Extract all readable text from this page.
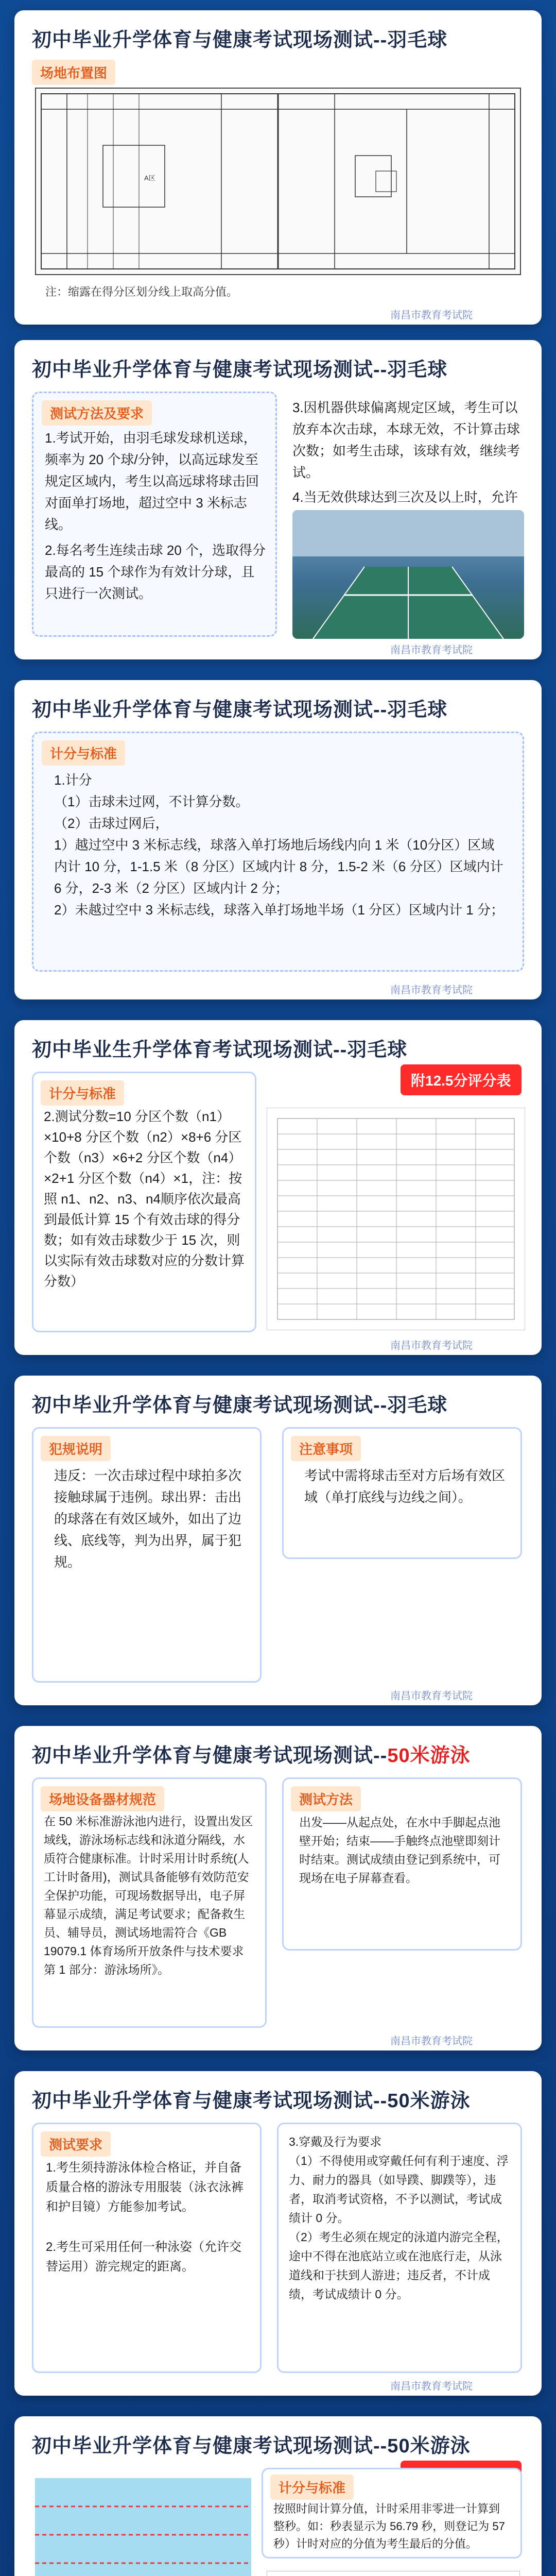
初中毕业升学体育与健康考试现场测试--羽毛球
场地布置图
A区
注：缩露在得分区划分线上取高分值。
南昌市教育考试院
初中毕业升学体育与健康考试现场测试--羽毛球
测试方法及要求

1.考试开始，由羽毛球发球机送球，频率为 20 个球/分钟，以高远球发至规定区域内，考生以高远球将球击回对面单打场地，超过空中 3 米标志线。

2.每名考生连续击球 20 个，选取得分最高的 15 个球作为有效计分球，且只进行一次测试。

3.因机器供球偏离规定区域，考生可以放弃本次击球，本球无效，不计算击球次数；如考生击球，该球有效，继续考试。

4.当无效供球达到三次及以上时，允许

南昌市教育考试院
初中毕业升学体育与健康考试现场测试--羽毛球
计分与标准

1.计分

（1）击球未过网，不计算分数。

（2）击球过网后，

1）越过空中 3 米标志线，球落入单打场地后场线内向 1 米（10分区）区域内计 10 分，1-1.5 米（8 分区）区域内计 8 分，1.5-2 米（6 分区）区域内计 6 分，2-3 米（2 分区）区域内计 2 分；

2）未越过空中 3 米标志线，球落入单打场地半场（1 分区）区域内计 1 分；

南昌市教育考试院
初中毕业生升学体育考试现场测试--羽毛球
附12.5分评分表
计分与标准
2.测试分数=10 分区个数（n1）×10+8 分区个数（n2）×8+6 分区个数（n3）×6+2 分区个数（n4）×2+1 分区个数（n4）×1，注：按照 n1、n2、n3、n4顺序依次最高到最低计算 15 个有效击球的得分数；如有效击球数少于 15 次，则以实际有效击球数对应的分数计算分数）
南昌市教育考试院
初中毕业升学体育与健康考试现场测试--羽毛球
犯规说明
违反：一次击球过程中球拍多次接触球属于违例。球出界：击出的球落在有效区域外，如出了边线、底线等，判为出界，属于犯规。
注意事项
考试中需将球击至对方后场有效区域（单打底线与边线之间）。
南昌市教育考试院
初中毕业升学体育与健康考试现场测试--50米游泳
场地设备器材规范
在 50 米标准游泳池内进行，设置出发区域线，游泳场标志线和泳道分隔线，水质符合健康标准。计时采用计时系统(人工计时备用)，测试具备能够有效防范安全保护功能，可现场数据导出，电子屏幕显示成绩，满足考试要求；配备救生员、辅导员，测试场地需符合《GB 19079.1 体育场所开放条件与技术要求 第 1 部分：游泳场所》。
测试方法
出发——从起点处，在水中手脚起点池壁开始；结束——手触终点池壁即刻计时结束。测试成绩由登记到系统中，可现场在电子屏幕查看。
南昌市教育考试院
初中毕业升学体育与健康考试现场测试--50米游泳
测试要求

1.考生须持游泳体检合格证，并自备质量合格的游泳专用服装（泳衣泳裤和护目镜）方能参加考试。

2.考生可采用任何一种泳姿（允许交替运用）游完规定的距离。

3.穿戴及行为要求

（1）不得使用或穿戴任何有利于速度、浮力、耐力的器具（如导蹼、脚蹼等），违者，取消考试资格，不予以测试，考试成绩计 0 分。

（2）考生必须在规定的泳道内游完全程，途中不得在池底站立或在池底行走，从泳道线和于扶到人游进；违反者，不计成绩，考试成绩计 0 分。

南昌市教育考试院
初中毕业升学体育与健康考试现场测试--50米游泳
计分与标准
按照时间计算分值，计时采用非零进一计算到整秒。如：秒表显示为 56.79 秒，则登记为 57 秒）计时对应的分值为考生最后的分值。
